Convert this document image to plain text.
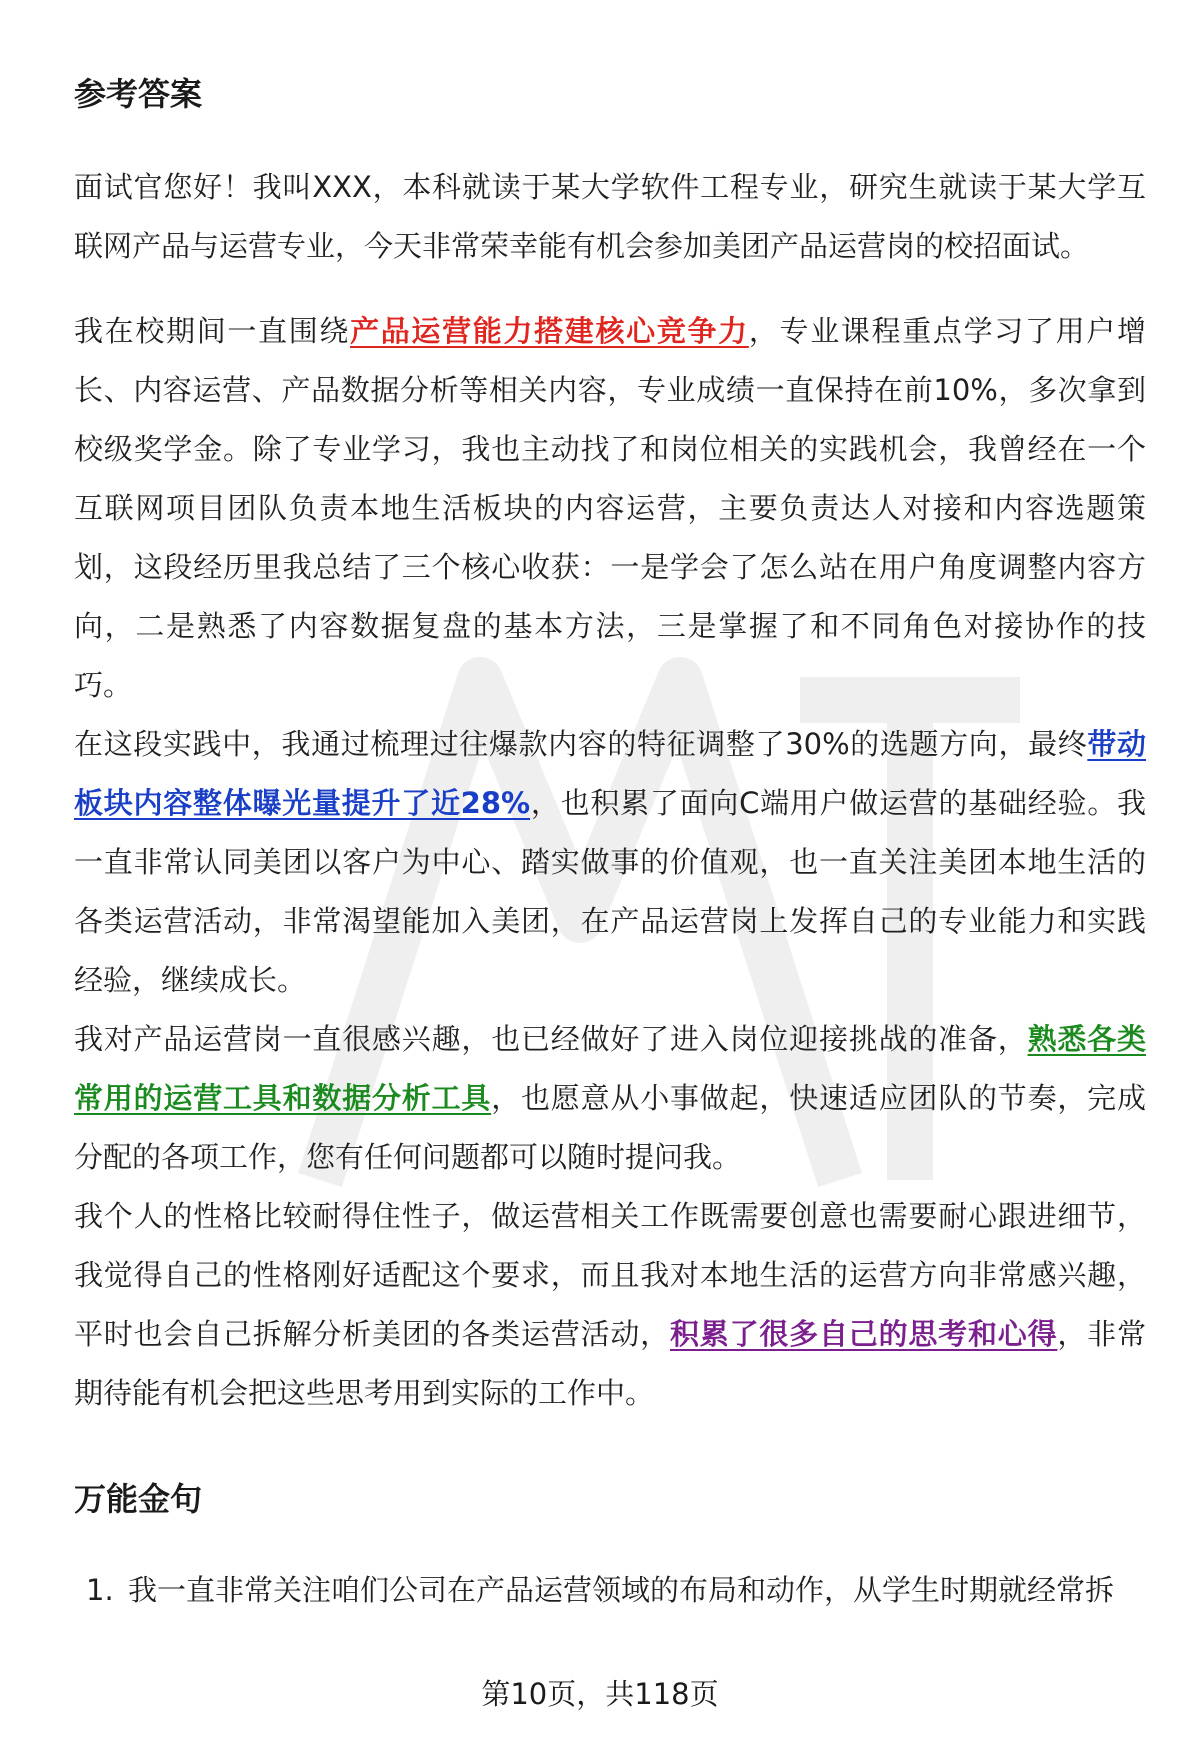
参考答案

面试官您好！我叫XXX，本科就读于某大学软件工程专业，研究生就读于某大学互联网产品与运营专业，今天非常荣幸能有机会参加美团产品运营岗的校招面试。

我在校期间一直围绕产品运营能力搭建核心竞争力，专业课程重点学习了用户增长、内容运营、产品数据分析等相关内容，专业成绩一直保持在前10%，多次拿到校级奖学金。除了专业学习，我也主动找了和岗位相关的实践机会，我曾经在一个互联网项目团队负责本地生活板块的内容运营，主要负责达人对接和内容选题策划，这段经历里我总结了三个核心收获：一是学会了怎么站在用户角度调整内容方向，二是熟悉了内容数据复盘的基本方法，三是掌握了和不同角色对接协作的技巧。

在这段实践中，我通过梳理过往爆款内容的特征调整了30%的选题方向，最终带动板块内容整体曝光量提升了近28%，也积累了面向C端用户做运营的基础经验。我一直非常认同美团以客户为中心、踏实做事的价值观，也一直关注美团本地生活的各类运营活动，非常渴望能加入美团，在产品运营岗上发挥自己的专业能力和实践经验，继续成长。

我对产品运营岗一直很感兴趣，也已经做好了进入岗位迎接挑战的准备，熟悉各类常用的运营工具和数据分析工具，也愿意从小事做起，快速适应团队的节奏，完成分配的各项工作，您有任何问题都可以随时提问我。

我个人的性格比较耐得住性子，做运营相关工作既需要创意也需要耐心跟进细节，我觉得自己的性格刚好适配这个要求，而且我对本地生活的运营方向非常感兴趣，平时也会自己拆解分析美团的各类运营活动，积累了很多自己的思考和心得，非常期待能有机会把这些思考用到实际的工作中。

万能金句
1. 我一直非常关注咱们公司在产品运营领域的布局和动作，从学生时期就经常拆
第10页，共118页
